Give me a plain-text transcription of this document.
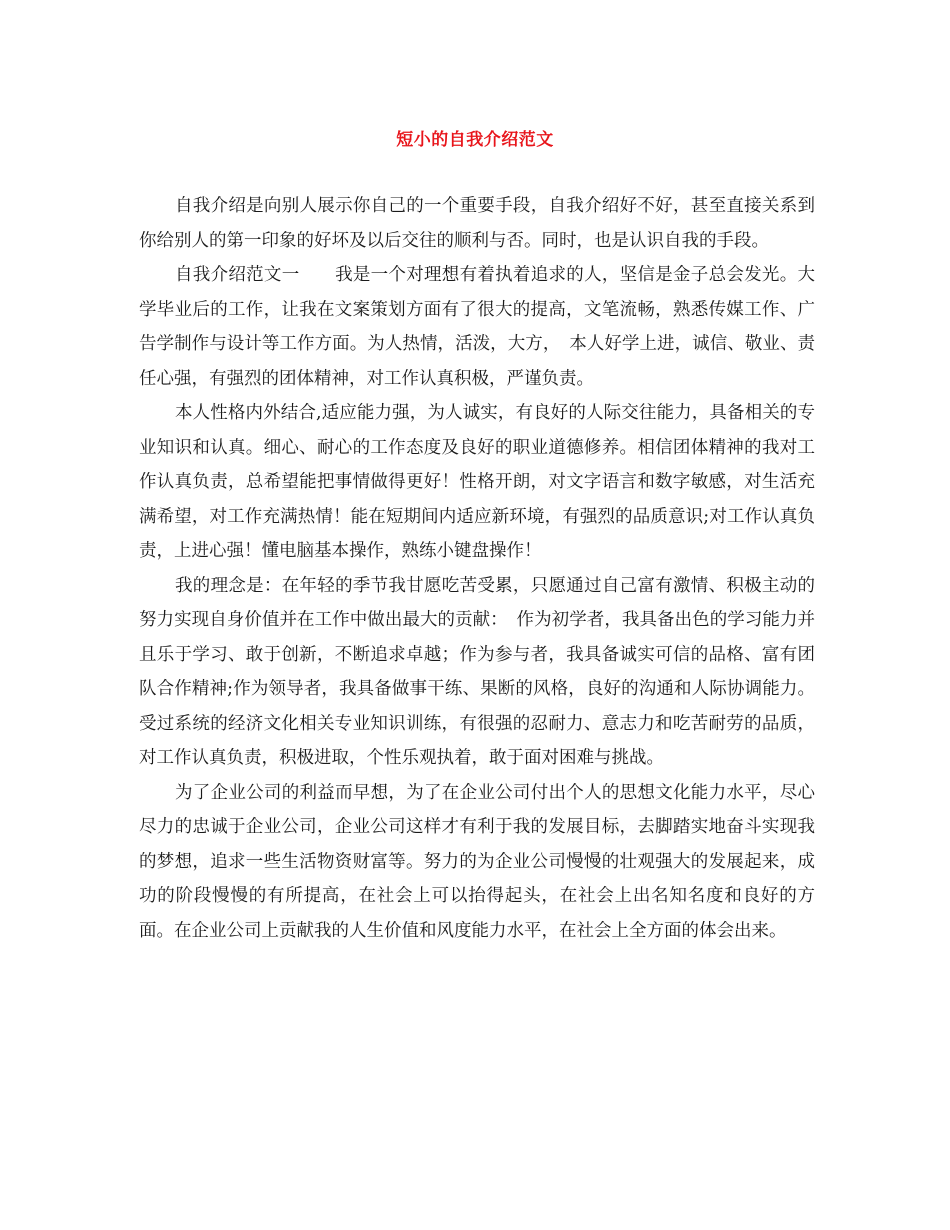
短小的自我介绍范文

自我介绍是向别人展示你自己的一个重要手段，自我介绍好不好，甚至直接关系到你给别人的第一印象的好坏及以后交往的顺利与否。同时，也是认识自我的手段。

自我介绍范文一　　我是一个对理想有着执着追求的人，坚信是金子总会发光。大学毕业后的工作，让我在文案策划方面有了很大的提高，文笔流畅，熟悉传媒工作、广告学制作与设计等工作方面。为人热情，活泼，大方，　本人好学上进，诚信、敬业、责任心强，有强烈的团体精神，对工作认真积极，严谨负责。

本人性格内外结合,适应能力强，为人诚实，有良好的人际交往能力，具备相关的专业知识和认真。细心、耐心的工作态度及良好的职业道德修养。相信团体精神的我对工作认真负责，总希望能把事情做得更好！性格开朗，对文字语言和数字敏感，对生活充满希望，对工作充满热情！能在短期间内适应新环境，有强烈的品质意识;对工作认真负责，上进心强！懂电脑基本操作，熟练小键盘操作！

我的理念是：在年轻的季节我甘愿吃苦受累，只愿通过自己富有激情、积极主动的努力实现自身价值并在工作中做出最大的贡献：　作为初学者，我具备出色的学习能力并且乐于学习、敢于创新，不断追求卓越；作为参与者，我具备诚实可信的品格、富有团队合作精神;作为领导者，我具备做事干练、果断的风格，良好的沟通和人际协调能力。受过系统的经济文化相关专业知识训练，有很强的忍耐力、意志力和吃苦耐劳的品质，对工作认真负责，积极进取，个性乐观执着，敢于面对困难与挑战。

为了企业公司的利益而早想，为了在企业公司付出个人的思想文化能力水平，尽心尽力的忠诚于企业公司，企业公司这样才有利于我的发展目标，去脚踏实地奋斗实现我的梦想，追求一些生活物资财富等。努力的为企业公司慢慢的壮观强大的发展起来，成功的阶段慢慢的有所提高，在社会上可以抬得起头，在社会上出名知名度和良好的方面。在企业公司上贡献我的人生价值和风度能力水平，在社会上全方面的体会出来。
